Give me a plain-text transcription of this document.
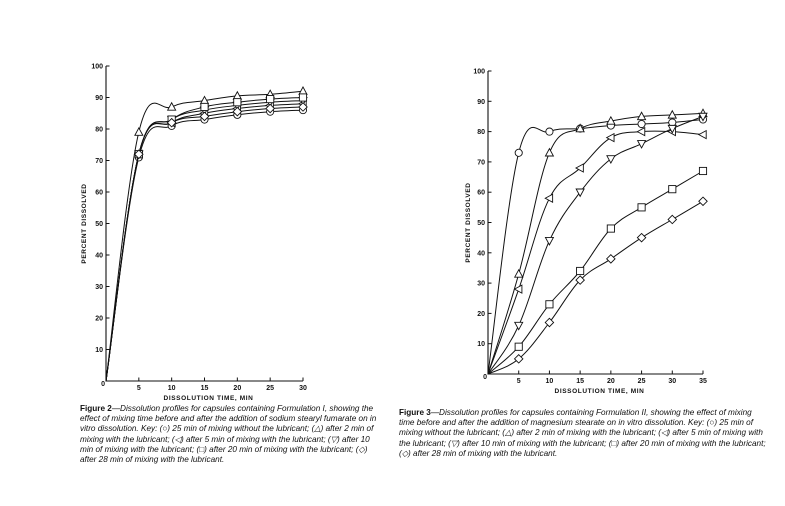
10
20
30
40
50
60
70
80
90
100
0
5	10	15	20	25	30
DISSOLUTION TIME, MIN
PERCENT DISSOLVED
10
20
30
40
50
60
70
80
90
100
0
5	10	15	20	25	30	35
DISSOLUTION TIME, MIN
PERCENT DISSOLVED

Figure 2—Dissolution profiles for capsules containing Formulation I, showing the effect of mixing time before and after the addition of sodium stearyl fumarate on in vitro dissolution. Key: (○) 25 min of mixing without the lubricant; (△) after 2 min of mixing with the lubricant; (◁) after 5 min of mixing with the lubricant; (▽) after 10 min of mixing with the lubricant; (□) after 20 min of mixing with the lubricant; (◇) after 28 min of mixing with the lubricant.

Figure 3—Dissolution profiles for capsules containing Formulation II, showing the effect of mixing time before and after the addition of magnesium stearate on in vitro dissolution. Key: (○) 25 min of mixing without the lubricant; (△) after 2 min of mixing with the lubricant; (◁) after 5 min of mixing with the lubricant; (▽) after 10 min of mixing with the lubricant; (□) after 20 min of mixing with the lubricant; (◇) after 28 min of mixing with the lubricant.
